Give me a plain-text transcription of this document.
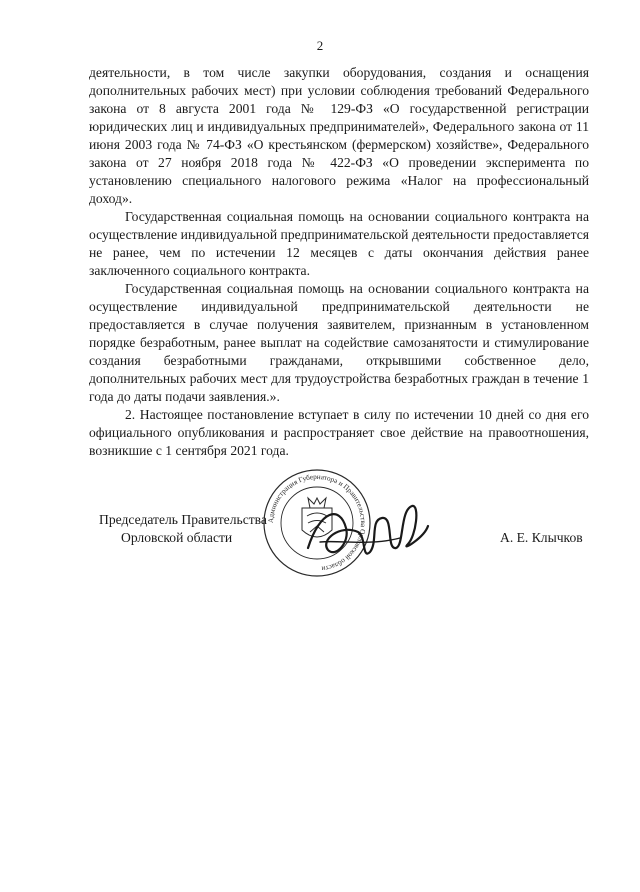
2

деятельности, в том числе закупки оборудования, создания и оснащения дополнительных рабочих мест) при условии соблюдения требований Федерального закона от 8 августа 2001 года № 129-ФЗ «О государственной регистрации юридических лиц и индивидуальных предпринимателей», Федерального закона от 11 июня 2003 года № 74-ФЗ «О крестьянском (фермерском) хозяйстве», Федерального закона от 27 ноября 2018 года № 422-ФЗ «О проведении эксперимента по установлению специального налогового режима «Налог на профессиональный доход».

Государственная социальная помощь на основании социального контракта на осуществление индивидуальной предпринимательской деятельности предоставляется не ранее, чем по истечении 12 месяцев с даты окончания действия ранее заключенного социального контракта.

Государственная социальная помощь на основании социального контракта на осуществление индивидуальной предпринимательской деятельности не предоставляется в случае получения заявителем, признанным в установленном порядке безработным, ранее выплат на содействие самозанятости и стимулирование создания безработными гражданами, открывшими собственное дело, дополнительных рабочих мест для трудоустройства безработных граждан в течение 1 года до даты подачи заявления.».

2. Настоящее постановление вступает в силу по истечении 10 дней со дня его официального опубликования и распространяет свое действие на правоотношения, возникшие с 1 сентября 2021 года.

Администрация Губернатора и Правительства Орловской области
Председатель Правительства
Орловской области	А. Е. Клычков
